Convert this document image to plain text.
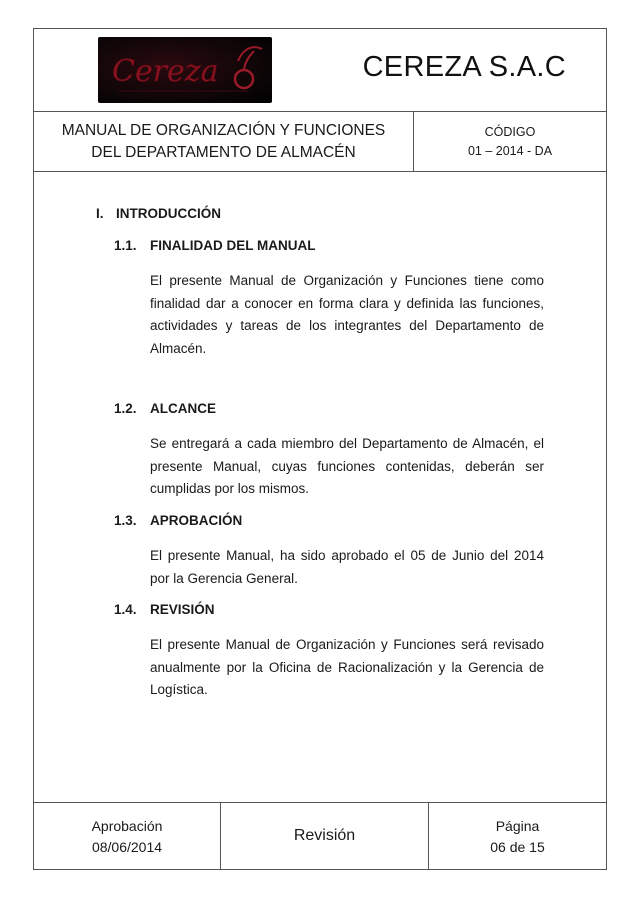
Cereza	CEREZA S.A.C
MANUAL DE ORGANIZACIÓN Y FUNCIONES
DEL DEPARTAMENTO DE ALMACÉN
CÓDIGO
01 – 2014 - DA
I. INTRODUCCIÓN
1.1. FINALIDAD DEL MANUAL

El presente Manual de Organización y Funciones tiene como finalidad dar a conocer en forma clara y definida las funciones, actividades y tareas de los integrantes del Departamento de Almacén.

1.2. ALCANCE

Se entregará a cada miembro del Departamento de Almacén, el presente Manual, cuyas funciones contenidas, deberán ser cumplidas por los mismos.

1.3. APROBACIÓN

El presente Manual, ha sido aprobado el 05 de Junio del 2014 por la Gerencia General.

1.4. REVISIÓN

El presente Manual de Organización y Funciones será revisado anualmente por la Oficina de Racionalización y la Gerencia de Logística.

Aprobación
08/06/2014
Revisión
Página
06 de 15
